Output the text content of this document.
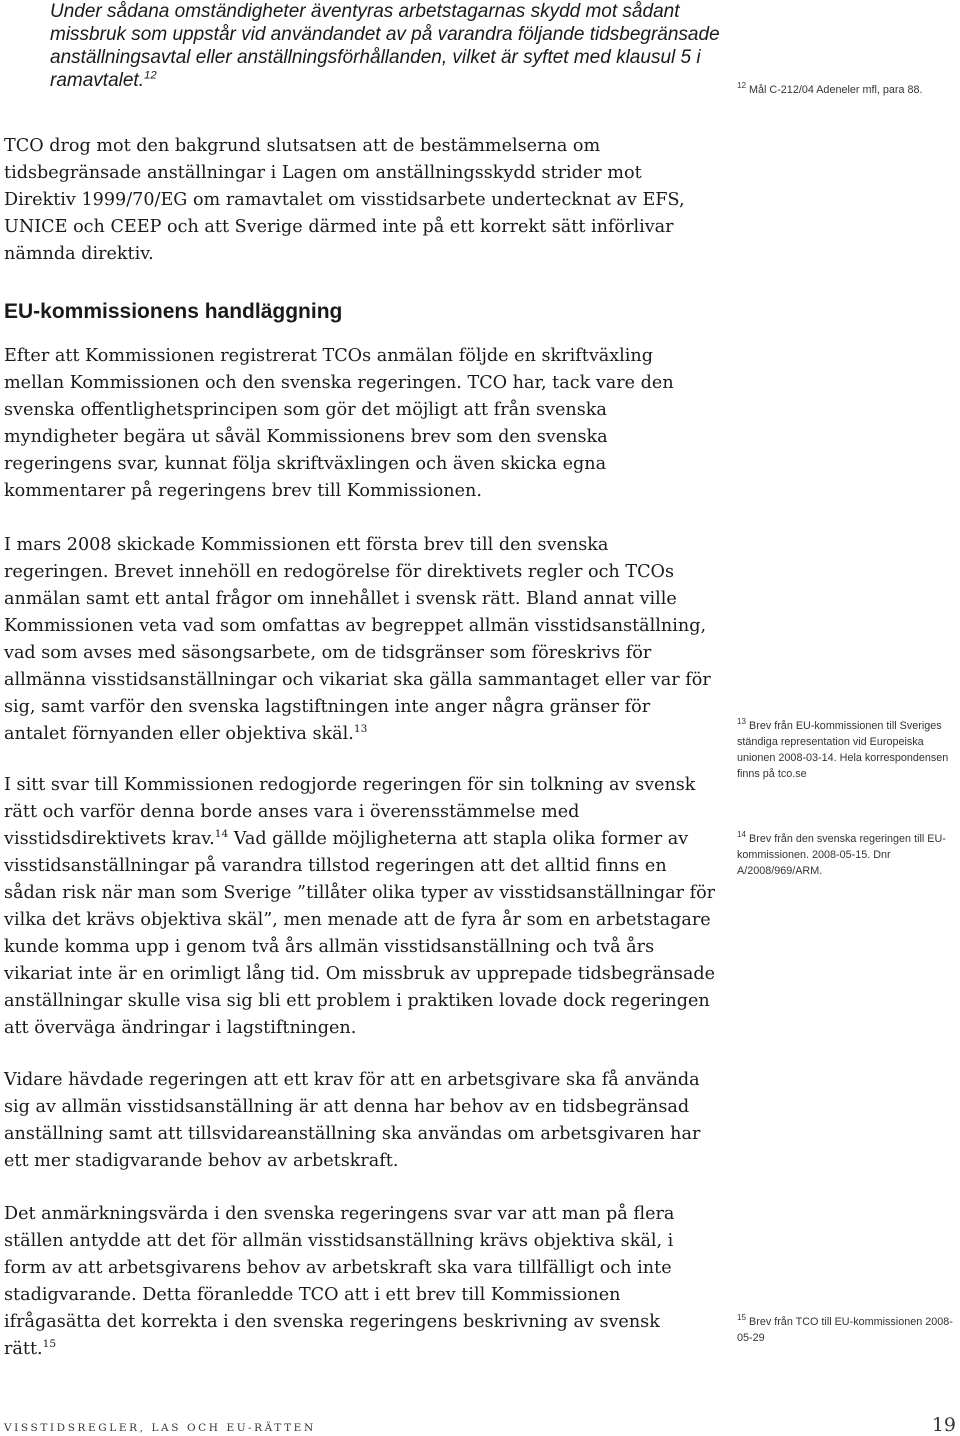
Under sådana omständigheter äventyras arbetstagarnas skydd mot sådant missbruk som uppstår vid användandet av på varandra följande tidsbegränsade anställningsavtal eller anställningsförhållanden, vilket är syftet med klausul 5 i ramavtalet.$^{12}$

TCO drog mot den bakgrund slutsatsen att de bestämmelserna om tidsbegränsade anställningar i Lagen om anställningsskydd strider mot Direktiv 1999/70/EG om ramavtalet om visstidsarbete undertecknat av EFS, UNICE och CEEP och att Sverige därmed inte på ett korrekt sätt införlivar nämnda direktiv.

EU-kommissionens handläggning

Efter att Kommissionen registrerat TCOs anmälan följde en skriftväxling mellan Kommissionen och den svenska regeringen. TCO har, tack vare den svenska offentlighetsprincipen som gör det möjligt att från svenska myndigheter begära ut såväl Kommissionens brev som den svenska regeringens svar, kunnat följa skriftväxlingen och även skicka egna kommentarer på regeringens brev till Kommissionen.

I mars 2008 skickade Kommissionen ett första brev till den svenska regeringen. Brevet innehöll en redogörelse för direktivets regler och TCOs anmälan samt ett antal frågor om innehållet i svensk rätt. Bland annat ville Kommissionen veta vad som omfattas av begreppet allmän visstidsanställning, vad som avses med säsongsarbete, om de tidsgränser som föreskrivs för allmänna visstidsanställningar och vikariat ska gälla sammantaget eller var för sig, samt varför den svenska lagstiftningen inte anger några gränser för antalet förnyanden eller objektiva skäl.$^{13}$

I sitt svar till Kommissionen redogjorde regeringen för sin tolkning av svensk rätt och varför denna borde anses vara i överensstämmelse med visstidsdirektivets krav.$^{14}$ Vad gällde möjligheterna att stapla olika former av visstidsanställningar på varandra tillstod regeringen att det alltid finns en sådan risk när man som Sverige ”tillåter olika typer av visstidsanställningar för vilka det krävs objektiva skäl”, men menade att de fyra år som en arbetstagare kunde komma upp i genom två års allmän visstidsanställning och två års vikariat inte är en orimligt lång tid. Om missbruk av upprepade tidsbegränsade anställningar skulle visa sig bli ett problem i praktiken lovade dock regeringen att överväga ändringar i lagstiftningen.

Vidare hävdade regeringen att ett krav för att en arbetsgivare ska få använda sig av allmän visstidsanställning är att denna har behov av en tidsbegränsad anställning samt att tillsvidareanställning ska användas om arbetsgivaren har ett mer stadigvarande behov av arbetskraft.

Det anmärkningsvärda i den svenska regeringens svar var att man på flera ställen antydde att det för allmän visstidsanställning krävs objektiva skäl, i form av att arbetsgivarens behov av arbetskraft ska vara tillfälligt och inte stadigvarande. Detta föranledde TCO att i ett brev till Kommissionen ifrågasätta det korrekta i den svenska regeringens beskrivning av svensk rätt.$^{15}$

$^{12}$ Mål C-212/04 Adeneler mfl, para 88.

$^{13}$ Brev från EU-kommissionen till Sveriges ständiga representation vid Europeiska unionen 2008-03-14. Hela korrespondensen finns på tco.se

$^{14}$ Brev från den svenska regeringen till EU-kommissionen. 2008-05-15. Dnr A/2008/969/ARM.

$^{15}$ Brev från TCO till EU-kommissionen 2008-05-29

VISSTIDSREGLER, LAS OCH EU-RÄTTEN	19
